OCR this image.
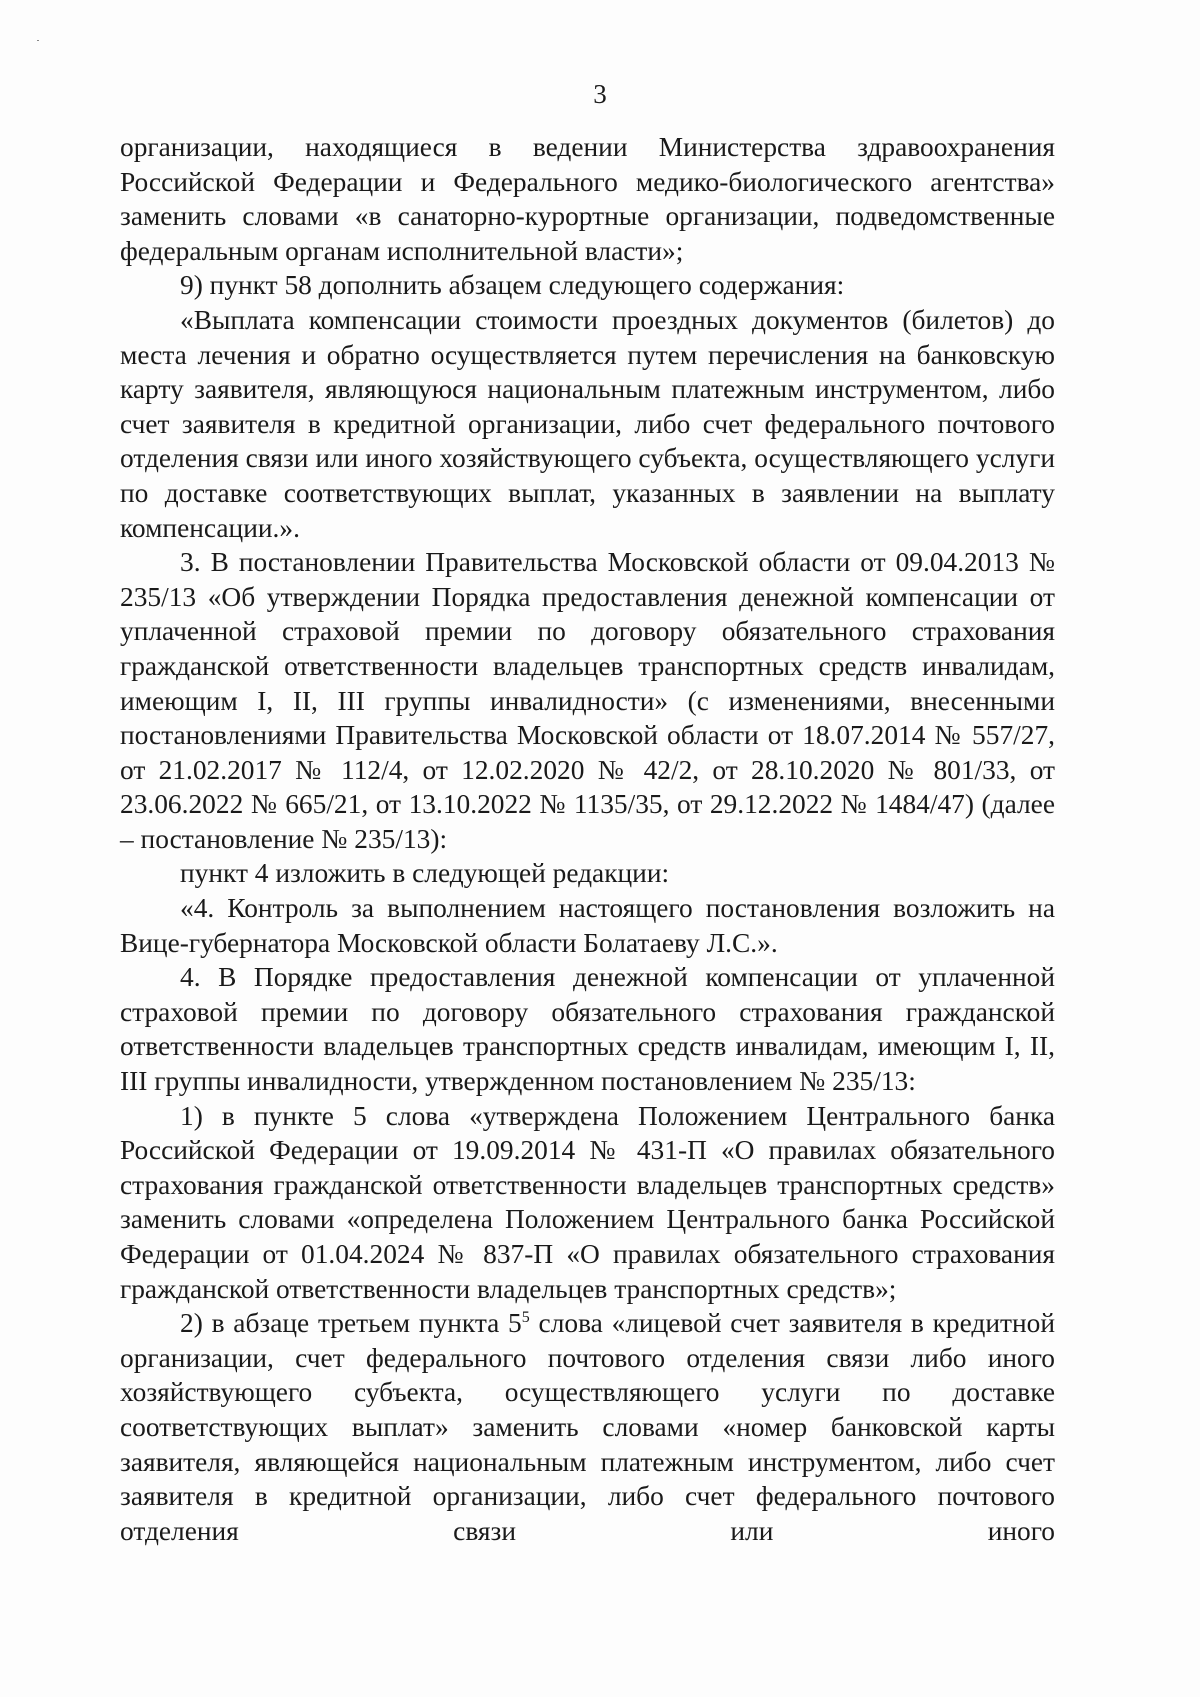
3

организации, находящиеся в ведении Министерства здравоохранения Российской Федерации и Федерального медико-биологического агентства» заменить словами «в санаторно-курортные организации, подведомственные федеральным органам исполнительной власти»;

9) пункт 58 дополнить абзацем следующего содержания:

«Выплата компенсации стоимости проездных документов (билетов) до места лечения и обратно осуществляется путем перечисления на банковскую карту заявителя, являющуюся национальным платежным инструментом, либо счет заявителя в кредитной организации, либо счет федерального почтового отделения связи или иного хозяйствующего субъекта, осуществляющего услуги по доставке соответствующих выплат, указанных в заявлении на выплату компенсации.».

3. В постановлении Правительства Московской области от 09.04.2013 № 235/13 «Об утверждении Порядка предоставления денежной компенсации от уплаченной страховой премии по договору обязательного страхования гражданской ответственности владельцев транспортных средств инвалидам, имеющим I, II, III группы инвалидности» (с изменениями, внесенными постановлениями Правительства Московской области от 18.07.2014 № 557/27, от 21.02.2017 № 112/4, от 12.02.2020 № 42/2, от 28.10.2020 № 801/33, от 23.06.2022 № 665/21, от 13.10.2022 № 1135/35, от 29.12.2022 № 1484/47) (далее – постановление № 235/13):

пункт 4 изложить в следующей редакции:

«4. Контроль за выполнением настоящего постановления возложить на Вице-губернатора Московской области Болатаеву Л.С.».

4. В Порядке предоставления денежной компенсации от уплаченной страховой премии по договору обязательного страхования гражданской ответственности владельцев транспортных средств инвалидам, имеющим I, II, III группы инвалидности, утвержденном постановлением № 235/13:

1) в пункте 5 слова «утверждена Положением Центрального банка Российской Федерации от 19.09.2014 № 431-П «О правилах обязательного страхования гражданской ответственности владельцев транспортных средств» заменить словами «определена Положением Центрального банка Российской Федерации от 01.04.2024 № 837-П «О правилах обязательного страхования гражданской ответственности владельцев транспортных средств»;

2) в абзаце третьем пункта $5^5$ слова «лицевой счет заявителя в кредитной организации, счет федерального почтового отделения связи либо иного хозяйствующего субъекта, осуществляющего услуги по доставке соответствующих выплат» заменить словами «номер банковской карты заявителя, являющейся национальным платежным инструментом, либо счет заявителя в кредитной организации, либо счет федерального почтового отделения связи или иного
